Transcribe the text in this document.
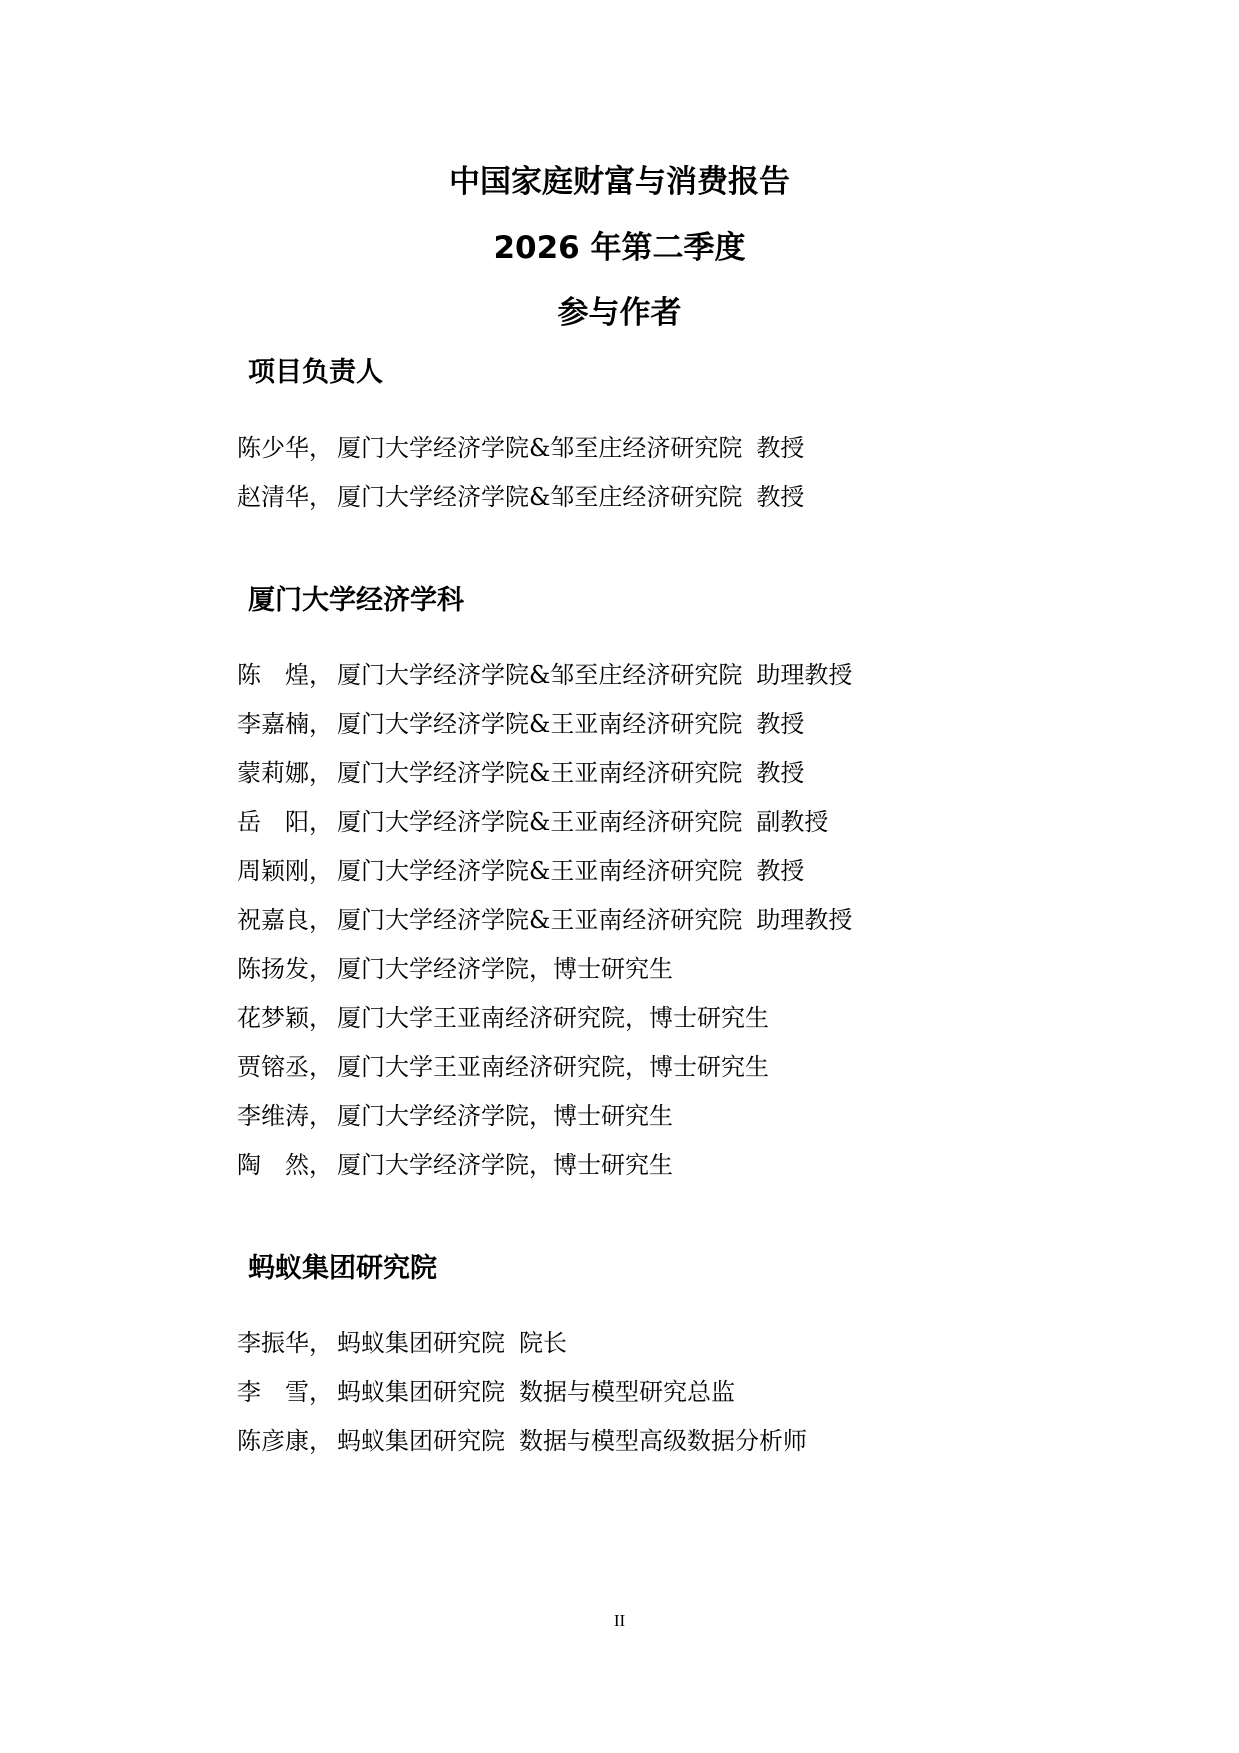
中国家庭财富与消费报告
2026 年第二季度
参与作者
项目负责人
陈少华 ， 厦门大学经济学院&邹至庄经济研究院 教授
赵清华 ， 厦门大学经济学院&邹至庄经济研究院 教授
厦门大学经济学科
陈煌 ， 厦门大学经济学院&邹至庄经济研究院 助理教授
李嘉楠 ， 厦门大学经济学院&王亚南经济研究院 教授
蒙莉娜 ， 厦门大学经济学院&王亚南经济研究院 教授
岳阳 ， 厦门大学经济学院&王亚南经济研究院 副教授
周颖刚 ， 厦门大学经济学院&王亚南经济研究院 教授
祝嘉良 ， 厦门大学经济学院&王亚南经济研究院 助理教授
陈扬发 ， 厦门大学经济学院，博士研究生
花梦颖 ， 厦门大学王亚南经济研究院，博士研究生
贾镕丞 ， 厦门大学王亚南经济研究院，博士研究生
李维涛 ， 厦门大学经济学院，博士研究生
陶然 ， 厦门大学经济学院，博士研究生
蚂蚁集团研究院
李振华 ， 蚂蚁集团研究院 院长
李雪 ， 蚂蚁集团研究院 数据与模型研究总监
陈彦康 ， 蚂蚁集团研究院 数据与模型高级数据分析师
II
